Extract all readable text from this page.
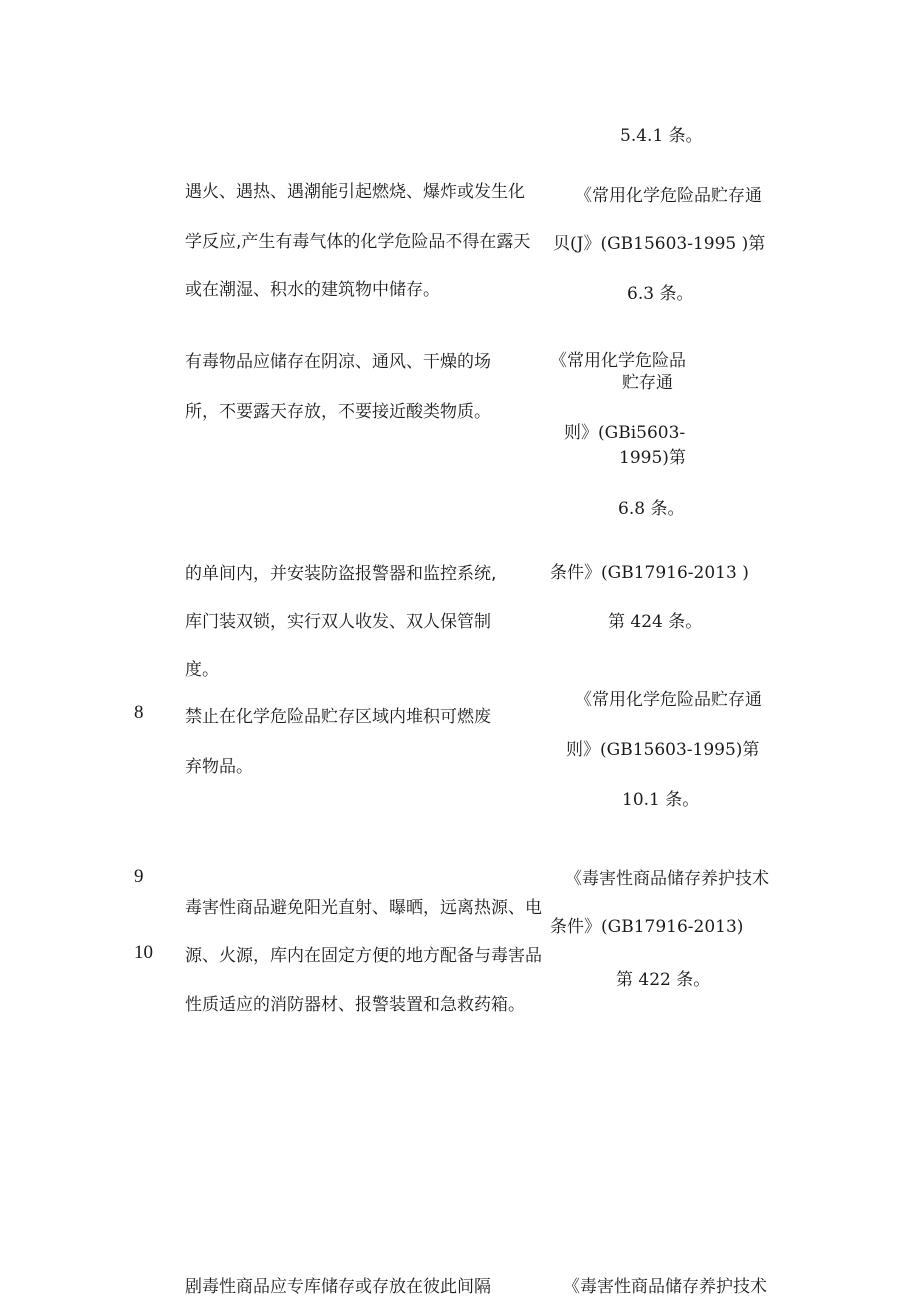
5.4.1 条。
遇火、遇热、遇潮能引起燃烧、爆炸或发生化
学反应,产生有毒气体的化学危险品不得在露天
或在潮湿、积水的建筑物中储存。
《常用化学危险品贮存通
贝(J》(GB15603-1995 )第
6.3 条。
有毒物品应储存在阴凉、通风、干燥的场
所，不要露天存放，不要接近酸类物质。
《常用化学危险品
贮存通
则》(GBi5603-
1995)第
6.8 条。
的单间内，并安装防盗报警器和监控系统,
库门装双锁，实行双人收发、双人保管制
度。
条件》(GB17916-2013 )
第 424 条。
8 禁止在化学危险品贮存区域内堆积可燃废
弃物品。
《常用化学危险品贮存通
则》(GB15603-1995)第
10.1 条。
9
10
毒害性商品避免阳光直射、曝晒，远离热源、电
源、火源，库内在固定方便的地方配备与毒害品
性质适应的消防器材、报警装置和急救药箱。
《毒害性商品储存养护技术
条件》(GB17916-2013)
第 422 条。
剧毒性商品应专库储存或存放在彼此间隔	《毒害性商品储存养护技术
